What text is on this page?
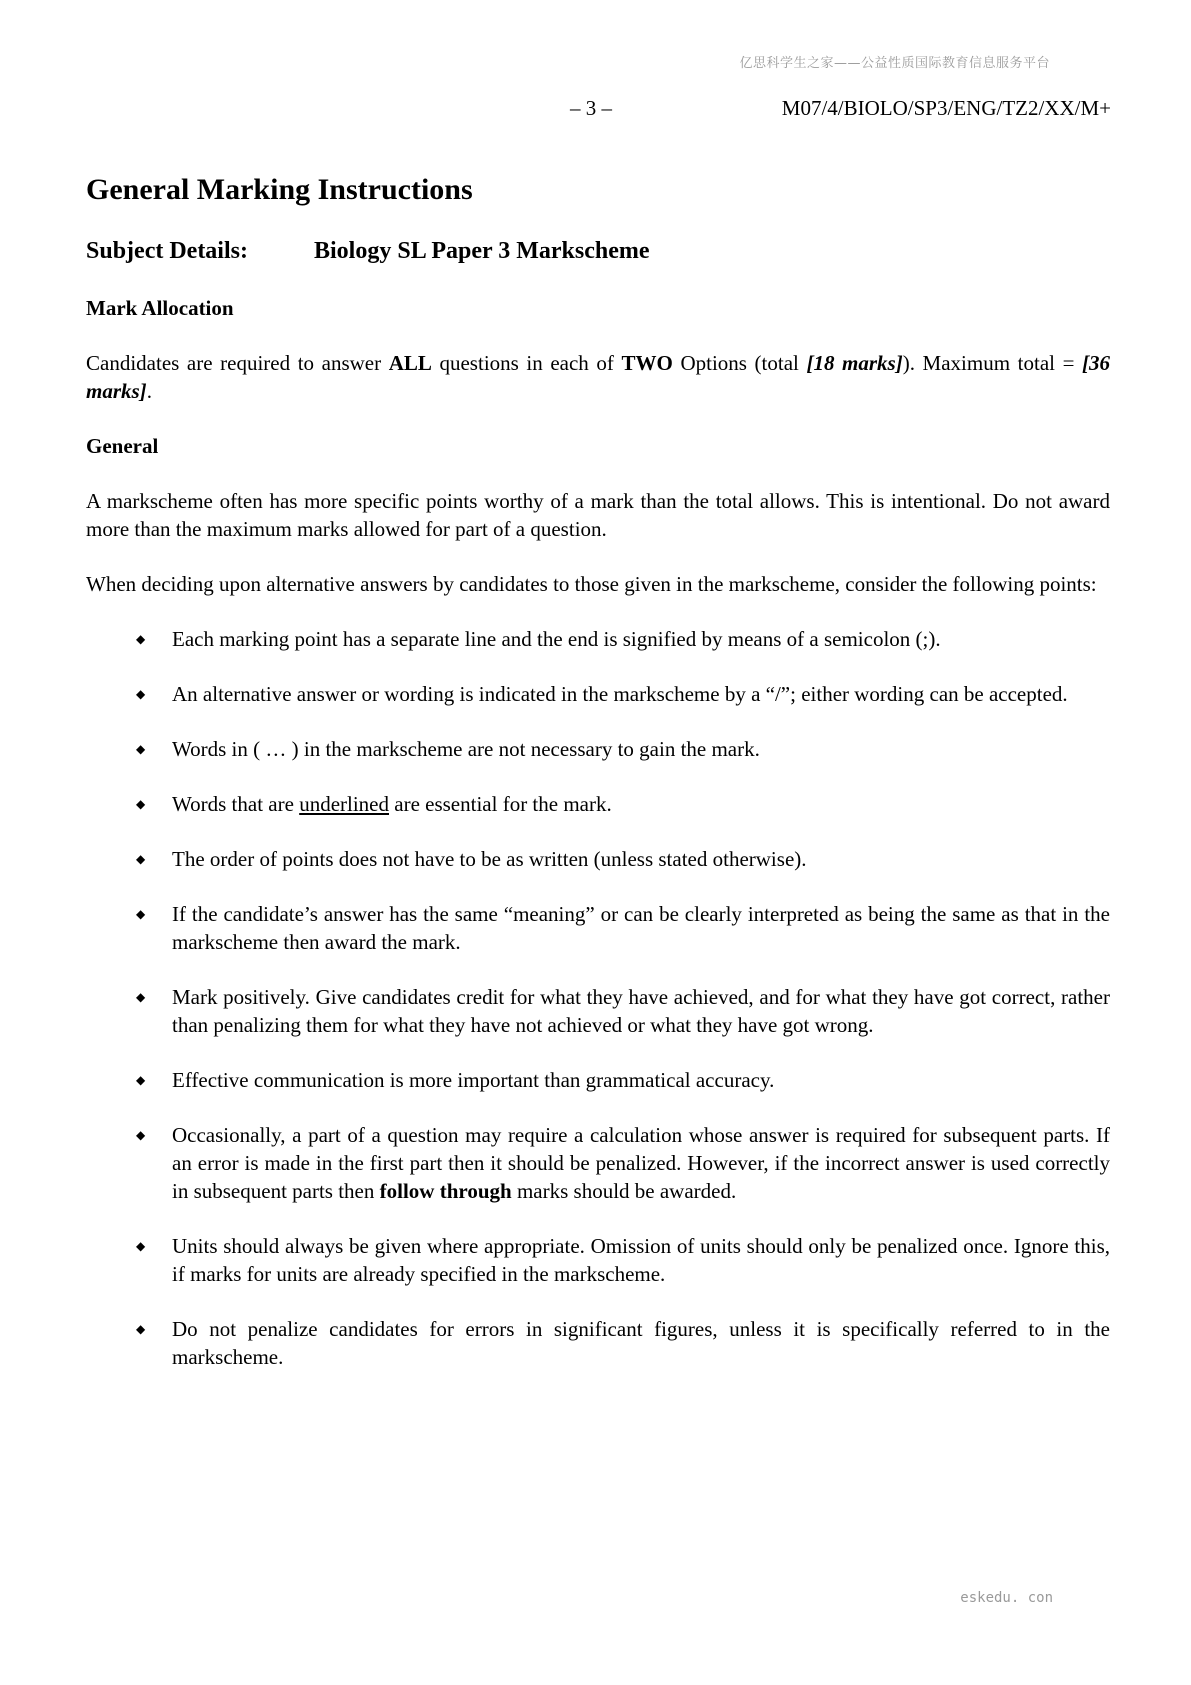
亿思科学生之家——公益性质国际教育信息服务平台
– 3 –	M07/4/BIOLO/SP3/ENG/TZ2/XX/M+
General Marking Instructions
Subject Details:	Biology SL Paper 3 Markscheme
Mark Allocation

Candidates are required to answer ALL questions in each of TWO Options (total [18 marks]). Maximum total = [36 marks].

General

A markscheme often has more specific points worthy of a mark than the total allows. This is intentional. Do not award more than the maximum marks allowed for part of a question.

When deciding upon alternative answers by candidates to those given in the markscheme, consider the following points:

◆ Each marking point has a separate line and the end is signified by means of a semicolon (;).
◆ An alternative answer or wording is indicated in the markscheme by a “/”; either wording can be accepted.
◆ Words in ( … ) in the markscheme are not necessary to gain the mark.
◆ Words that are underlined are essential for the mark.
◆ The order of points does not have to be as written (unless stated otherwise).
◆ If the candidate’s answer has the same “meaning” or can be clearly interpreted as being the same as that in the markscheme then award the mark.
◆ Mark positively. Give candidates credit for what they have achieved, and for what they have got correct, rather than penalizing them for what they have not achieved or what they have got wrong.
◆ Effective communication is more important than grammatical accuracy.
◆ Occasionally, a part of a question may require a calculation whose answer is required for subsequent parts. If an error is made in the first part then it should be penalized. However, if the incorrect answer is used correctly in subsequent parts then follow through marks should be awarded.
◆ Units should always be given where appropriate. Omission of units should only be penalized once. Ignore this, if marks for units are already specified in the markscheme.
◆ Do not penalize candidates for errors in significant figures, unless it is specifically referred to in the markscheme.
eskedu. con
